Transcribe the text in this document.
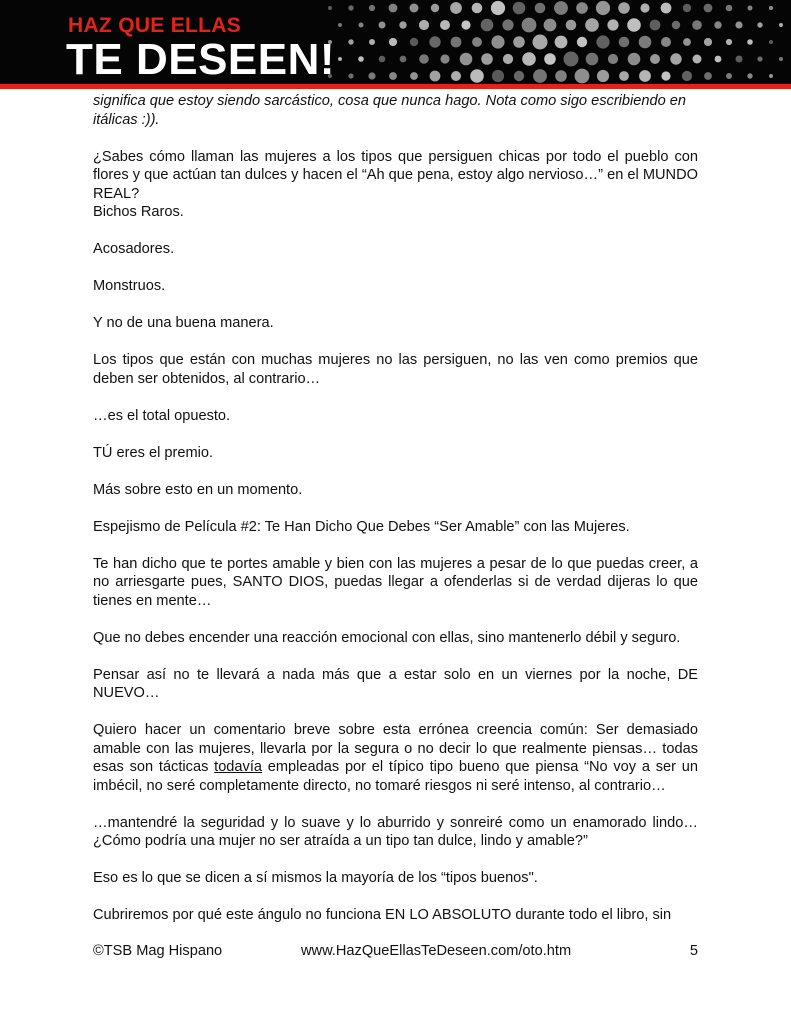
HAZ QUE ELLAS
TE DESEEN!

significa que estoy siendo sarcástico, cosa que nunca hago. Nota como sigo escribiendo en itálicas :)).

¿Sabes cómo llaman las mujeres a los tipos que persiguen chicas por todo el pueblo con flores y que actúan tan dulces y hacen el “Ah que pena, estoy algo nervioso…” en el MUNDO REAL?

Bichos Raros.

Acosadores.

Monstruos.

Y no de una buena manera.

Los tipos que están con muchas mujeres no las persiguen, no las ven como premios que deben ser obtenidos, al contrario…

…es el total opuesto.

TÚ eres el premio.

Más sobre esto en un momento.

Espejismo de Película #2: Te Han Dicho Que Debes “Ser Amable” con las Mujeres.

Te han dicho que te portes amable y bien con las mujeres a pesar de lo que puedas creer, a no arriesgarte pues, SANTO DIOS, puedas llegar a ofenderlas si de verdad dijeras lo que tienes en mente…

Que no debes encender una reacción emocional con ellas, sino mantenerlo débil y seguro.

Pensar así no te llevará a nada más que a estar solo en un viernes por la noche, DE NUEVO…

Quiero hacer un comentario breve sobre esta errónea creencia común: Ser demasiado amable con las mujeres, llevarla por la segura o no decir lo que realmente piensas… todas esas son tácticas todavía empleadas por el típico tipo bueno que piensa “No voy a ser un imbécil, no seré completamente directo, no tomaré riesgos ni seré intenso, al contrario…

…mantendré la seguridad y lo suave y lo aburrido y sonreiré como un enamorado lindo… ¿Cómo podría una mujer no ser atraída a un tipo tan dulce, lindo y amable?”

Eso es lo que se dicen a sí mismos la mayoría de los “tipos buenos".

Cubriremos por qué este ángulo no funciona EN LO ABSOLUTO durante todo el libro, sin

©TSB Mag Hispano	www.HazQueEllasTeDeseen.com/oto.htm	5
